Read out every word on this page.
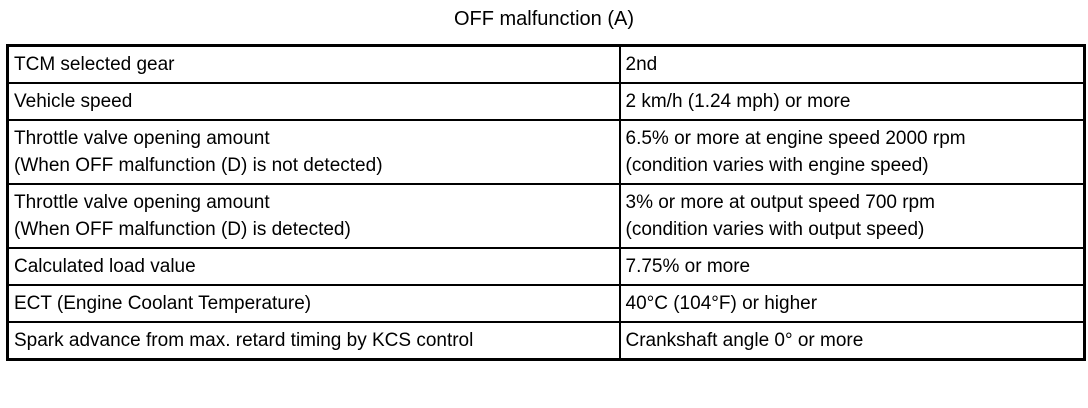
OFF malfunction (A)
TCM selected gear	2nd

Vehicle speed	2 km/h (1.24 mph) or more

Throttle valve opening amount
(When OFF malfunction (D) is not detected)	6.5% or more at engine speed 2000 rpm
(condition varies with engine speed)

Throttle valve opening amount
(When OFF malfunction (D) is detected)	3% or more at output speed 700 rpm
(condition varies with output speed)

Calculated load value	7.75% or more

ECT (Engine Coolant Temperature)	40°C (104°F) or higher

Spark advance from max. retard timing by KCS control	Crankshaft angle 0° or more
